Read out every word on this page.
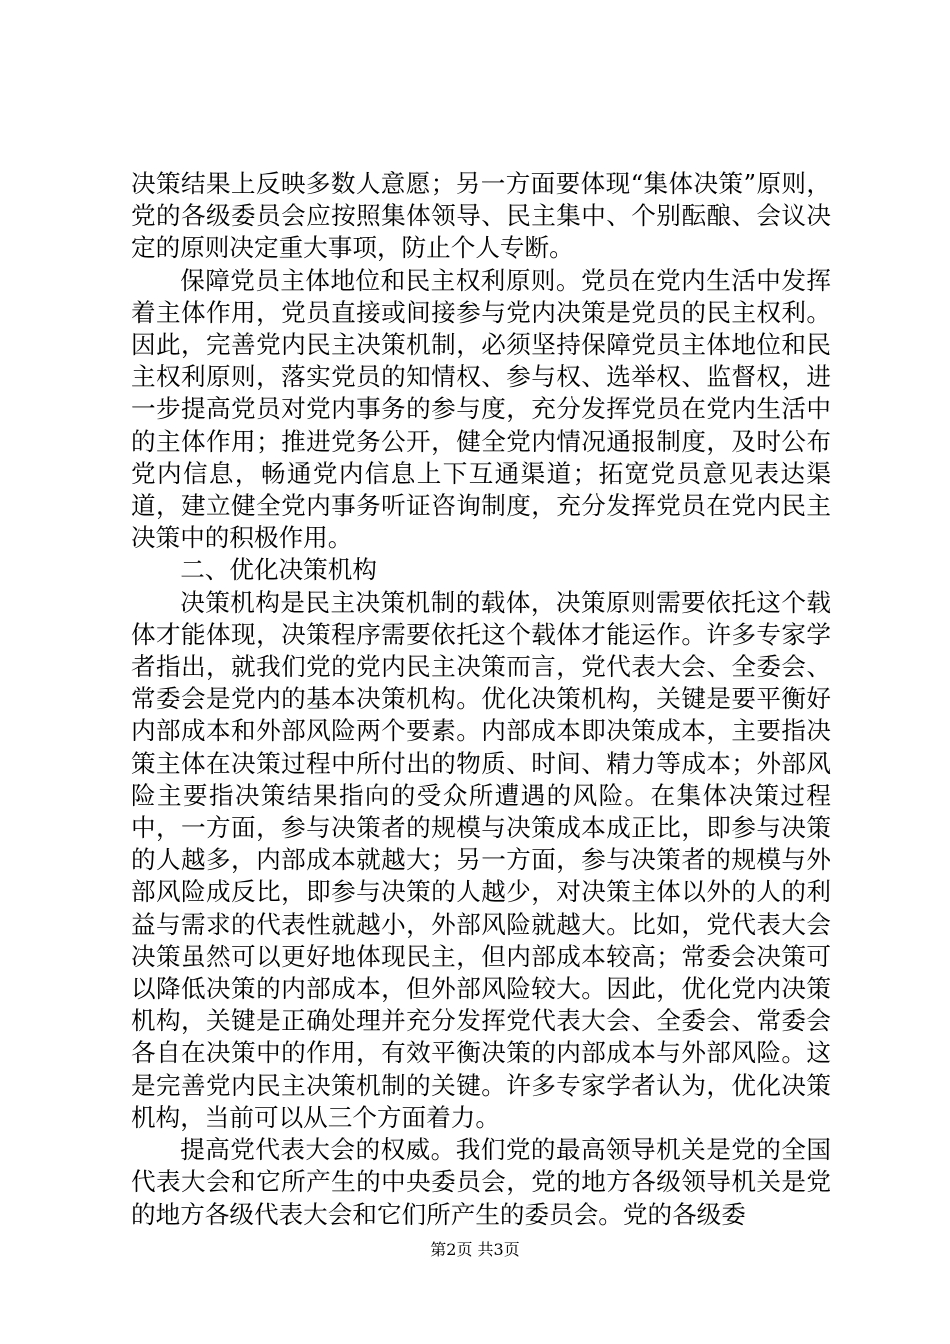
决策结果上反映多数人意愿；另一方面要体现“集体决策”原则，党的各级委员会应按照集体领导、民主集中、个别酝酿、会议决定的原则决定重大事项，防止个人专断。

保障党员主体地位和民主权利原则。党员在党内生活中发挥着主体作用，党员直接或间接参与党内决策是党员的民主权利。因此，完善党内民主决策机制，必须坚持保障党员主体地位和民主权利原则，落实党员的知情权、参与权、选举权、监督权，进一步提高党员对党内事务的参与度，充分发挥党员在党内生活中的主体作用；推进党务公开，健全党内情况通报制度，及时公布党内信息，畅通党内信息上下互通渠道；拓宽党员意见表达渠道，建立健全党内事务听证咨询制度，充分发挥党员在党内民主决策中的积极作用。

二、优化决策机构

决策机构是民主决策机制的载体，决策原则需要依托这个载体才能体现，决策程序需要依托这个载体才能运作。许多专家学者指出，就我们党的党内民主决策而言，党代表大会、全委会、常委会是党内的基本决策机构。优化决策机构，关键是要平衡好内部成本和外部风险两个要素。内部成本即决策成本，主要指决策主体在决策过程中所付出的物质、时间、精力等成本；外部风险主要指决策结果指向的受众所遭遇的风险。在集体决策过程中，一方面，参与决策者的规模与决策成本成正比，即参与决策的人越多，内部成本就越大；另一方面，参与决策者的规模与外部风险成反比，即参与决策的人越少，对决策主体以外的人的利益与需求的代表性就越小，外部风险就越大。比如，党代表大会决策虽然可以更好地体现民主，但内部成本较高；常委会决策可以降低决策的内部成本，但外部风险较大。因此，优化党内决策机构，关键是正确处理并充分发挥党代表大会、全委会、常委会各自在决策中的作用，有效平衡决策的内部成本与外部风险。这是完善党内民主决策机制的关键。许多专家学者认为，优化决策机构，当前可以从三个方面着力。

提高党代表大会的权威。我们党的最高领导机关是党的全国代表大会和它所产生的中央委员会，党的地方各级领导机关是党的地方各级代表大会和它们所产生的委员会。党的各级委

第2页 共3页
